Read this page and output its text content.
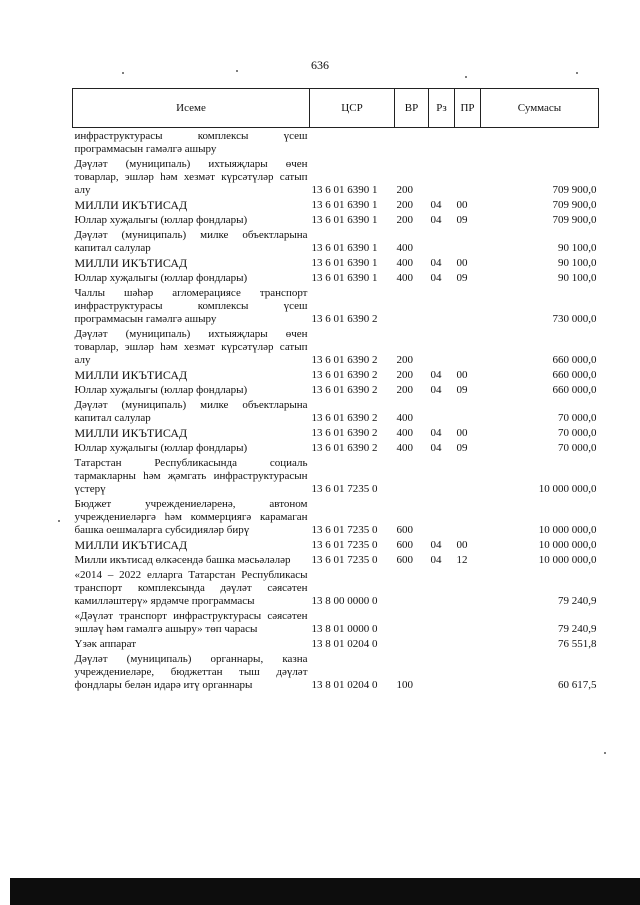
636
Исеме	ЦСР	ВР	Рз	ПР	Суммасы
инфраструктурасы комплексы үсеш программасын гамәлгә ашыру					
Дәүләт (муниципаль) ихтыяҗлары өчен товарлар, эшләр һәм хезмәт күрсәтүләр сатып алу	13 6 01 6390 1	200			709 900,0
МИЛЛИ ИКЪТИСАД	13 6 01 6390 1	200	04	00	709 900,0
Юллар хуҗалыгы (юллар фондлары)	13 6 01 6390 1	200	04	09	709 900,0
Дәүләт (муниципаль) милке объектларына капитал салулар	13 6 01 6390 1	400			90 100,0
МИЛЛИ ИКЪТИСАД	13 6 01 6390 1	400	04	00	90 100,0
Юллар хуҗалыгы (юллар фондлары)	13 6 01 6390 1	400	04	09	90 100,0
Чаллы шәһәр агломерациясе транспорт инфраструктурасы комплексы үсеш программасын гамәлгә ашыру	13 6 01 6390 2				730 000,0
Дәүләт (муниципаль) ихтыяҗлары өчен товарлар, эшләр һәм хезмәт күрсәтүләр сатып алу	13 6 01 6390 2	200			660 000,0
МИЛЛИ ИКЪТИСАД	13 6 01 6390 2	200	04	00	660 000,0
Юллар хуҗалыгы (юллар фондлары)	13 6 01 6390 2	200	04	09	660 000,0
Дәүләт (муниципаль) милке объектларына капитал салулар	13 6 01 6390 2	400			70 000,0
МИЛЛИ ИКЪТИСАД	13 6 01 6390 2	400	04	00	70 000,0
Юллар хуҗалыгы (юллар фондлары)	13 6 01 6390 2	400	04	09	70 000,0
Татарстан Республикасында социаль тармакларны һәм җәмгать инфраструктурасын үстерү	13 6 01 7235 0				10 000 000,0
Бюджет учреждениеләренә, автоном учреждениеләргә һәм коммерциягә карамаган башка оешмаларга субсидияләр бирү	13 6 01 7235 0	600			10 000 000,0
МИЛЛИ ИКЪТИСАД	13 6 01 7235 0	600	04	00	10 000 000,0
Милли икътисад өлкәсендә башка мәсьәләләр	13 6 01 7235 0	600	04	12	10 000 000,0
«2014 – 2022 елларга Татарстан Республикасы транспорт комплексында дәүләт сәясәтен камилләштерү» ярдәмче программасы	13 8 00 0000 0				79 240,9
«Дәүләт транспорт инфраструктурасы сәясәтен эшләү һәм гамәлгә ашыру» төп чарасы	13 8 01 0000 0				79 240,9
Үзәк аппарат	13 8 01 0204 0				76 551,8
Дәүләт (муниципаль) органнары, казна учреждениеләре, бюджеттан тыш дәүләт фондлары белән идарә итү органнары	13 8 01 0204 0	100			60 617,5
